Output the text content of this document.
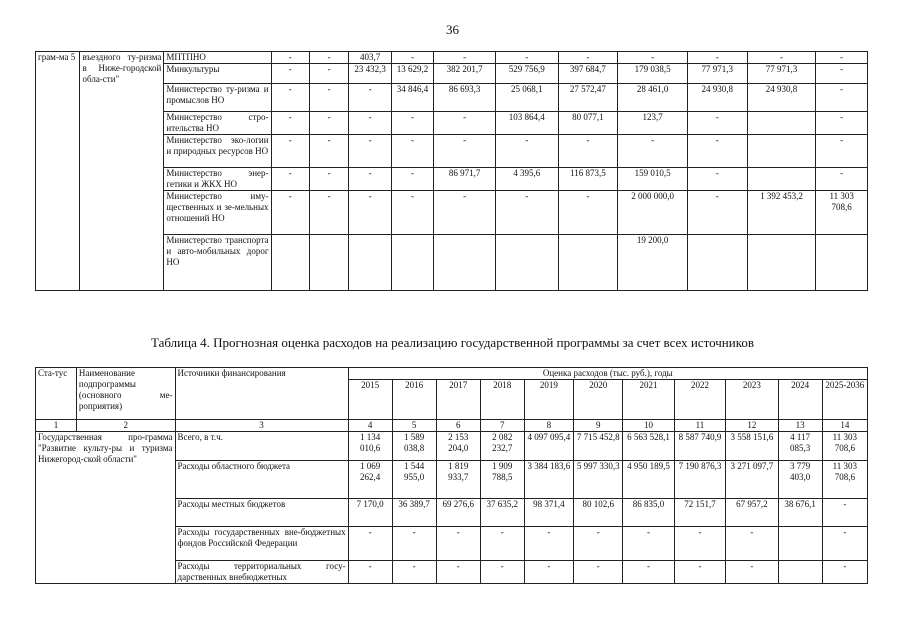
36
грам-ма 5	въездного ту-ризма в Ниже-городской обла-сти"	МПТПНО	-	-	403,7	-	-	-	-	-	-	-	-
		Минкультуры	-	-	23 432,3	13 629,2	382 201,7	529 756,9	397 684,7	179 038,5	77 971,3	77 971,3	-
		Министерство ту-ризма и промыслов НО	-	-	-	34 846,4	86 693,3	25 068,1	27 572,47	28 461,0	24 930,8	24 930,8	-
		Министерство стро-ительства НО	-	-	-	-	-	103 864,4	80 077,1	123,7	-		-
		Министерство эко-логии и природных ресурсов НО	-	-	-	-	-	-	-	-	-		-
		Министерство энер-гетики и ЖКХ НО	-	-	-	-	86 971,7	4 395,6	116 873,5	159 010,5	-		-
		Министерство иму-щественных и зе-мельных отношений НО	-	-	-	-	-	-	-	2 000 000,0	-	1 392 453,2	11 303 708,6
		Министерство транспорта и авто-мобильных дорог НО								19 200,0			
Таблица 4. Прогнозная оценка расходов на реализацию государственной программы за счет всех источников
Ста-тус	Наименование подпрограммы (основного ме-роприятия)	Источники финансирования	Оценка расходов (тыс. руб.), годы										
			2015	2016	2017	2018	2019	2020	2021	2022	2023	2024	2025-2036
1	2	3	4	5	6	7	8	9	10	11	12	13	14
Государственная про-грамма "Развитие культу-ры и туризма Нижегород-ской области"		Всего, в т.ч.	1 134 010,6	1 589 038,8	2 153 204,0	2 082 232,7	4 097 095,4	7 715 452,8	6 563 528,1	8 587 740,9	3 558 151,6	4 117 085,3	11 303 708,6
		Расходы областного бюджета	1 069 262,4	1 544 955,0	1 819 933,7	1 909 788,5	3 384 183,6	5 997 330,3	4 950 189,5	7 190 876,3	3 271 097,7	3 779 403,0	11 303 708,6
		Расходы местных бюджетов	7 170,0	36 389,7	69 276,6	37 635,2	98 371,4	80 102,6	86 835,0	72 151,7	67 957,2	38 676,1	-
		Расходы государственных вне-бюджетных фондов Российской Федерации	-	-	-	-	-	-	-	-	-		-
		Расходы территориальных госу-дарственных внебюджетных	-	-	-	-	-	-	-	-	-		-
